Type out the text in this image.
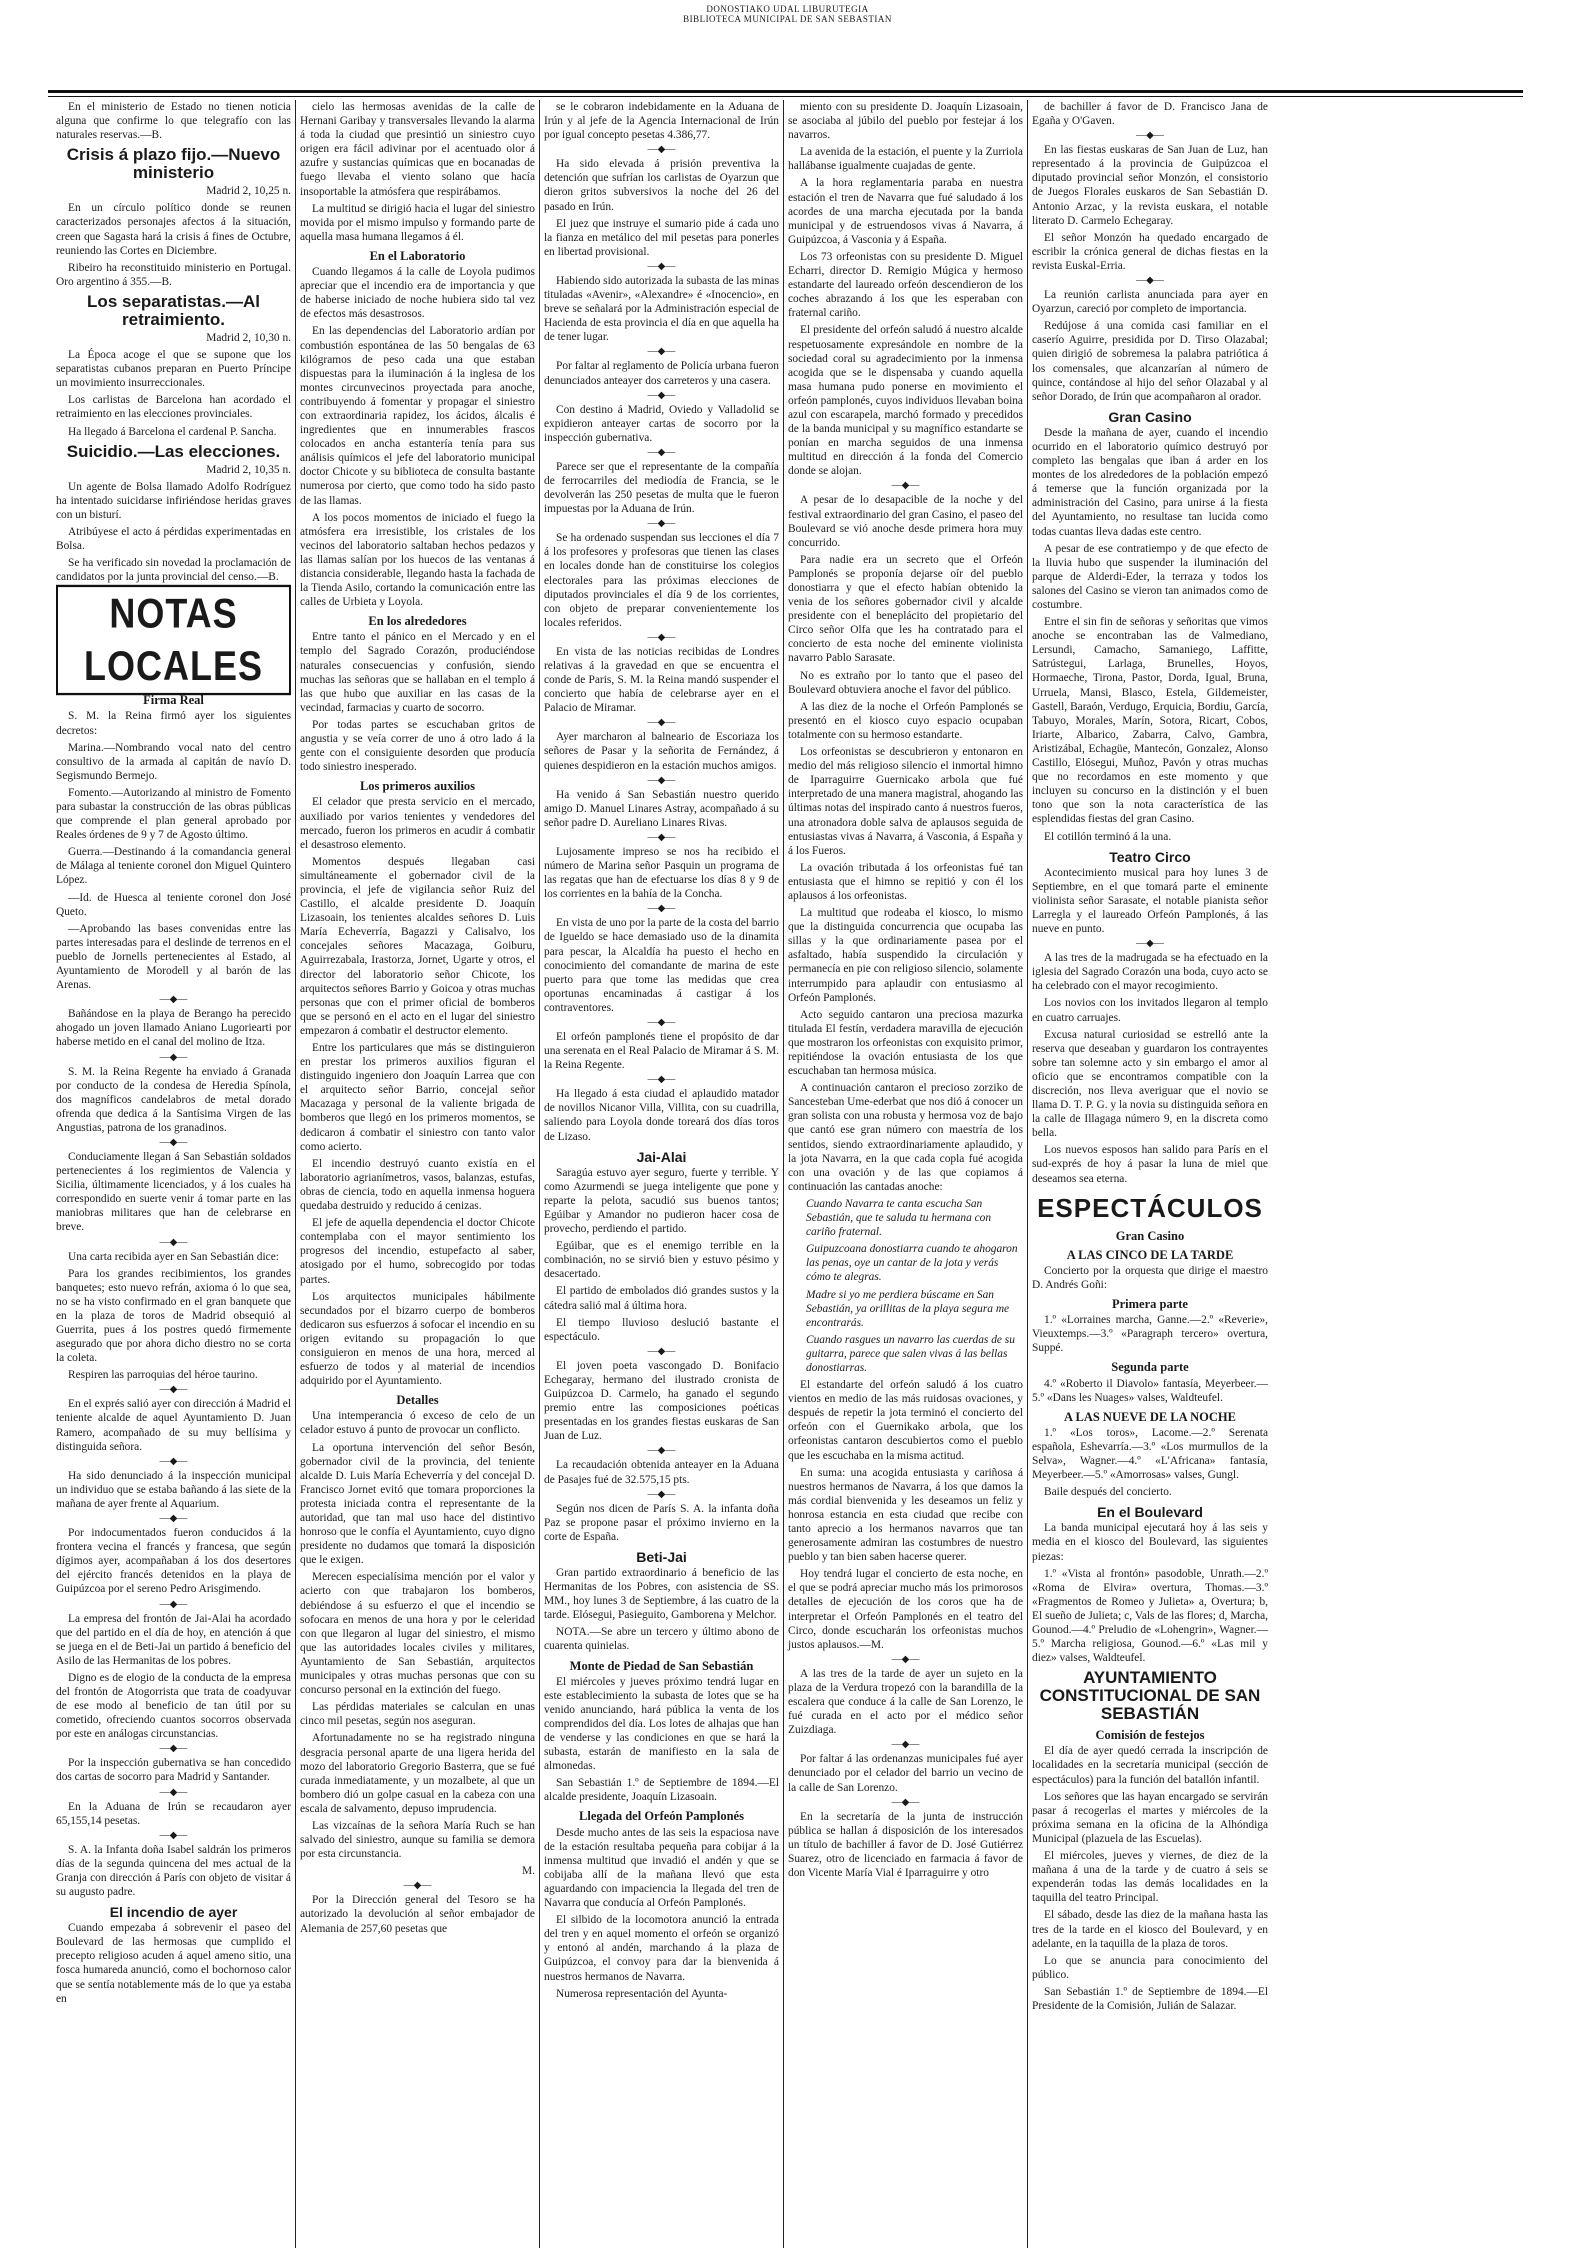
DONOSTIAKO UDAL LIBURUTEGIA
BIBLIOTECA MUNICIPAL DE SAN SEBASTIAN

En el ministerio de Estado no tienen noticia alguna que confirme lo que telegrafío con las naturales reservas.—B.

Crisis á plazo fijo.—Nuevo ministerio

Madrid 2, 10,25 n.

En un círculo político donde se reunen caracterizados personajes afectos á la situación, creen que Sagasta hará la crisis á fines de Octubre, reuniendo las Cortes en Diciembre.

Ribeiro ha reconstituido ministerio en Portugal. Oro argentino á 355.—B.

Los separatistas.—Al retraimiento.

Madrid 2, 10,30 n.

La Época acoge el que se supone que los separatistas cubanos preparan en Puerto Príncipe un movimiento insurreccionales.

Los carlistas de Barcelona han acordado el retraimiento en las elecciones provinciales.

Ha llegado á Barcelona el cardenal P. Sancha.

Suicidio.—Las elecciones.

Madrid 2, 10,35 n.

Un agente de Bolsa llamado Adolfo Rodríguez ha intentado suicidarse infiriéndose heridas graves con un bisturí.

Atribúyese el acto á pérdidas experimentadas en Bolsa.

Se ha verificado sin novedad la proclamación de candidatos por la junta provincial del censo.—B.

NOTAS LOCALES
Firma Real

S. M. la Reina firmó ayer los siguientes decretos:

Marina.—Nombrando vocal nato del centro consultivo de la armada al capitán de navío D. Segismundo Bermejo.

Fomento.—Autorizando al ministro de Fomento para subastar la construcción de las obras públicas que comprende el plan general aprobado por Reales órdenes de 9 y 7 de Agosto último.

Guerra.—Destinando á la comandancia general de Málaga al teniente coronel don Miguel Quintero López.

—Id. de Huesca al teniente coronel don José Queto.

—Aprobando las bases convenidas entre las partes interesadas para el deslinde de terrenos en el pueblo de Jornells pertenecientes al Estado, al Ayuntamiento de Morodell y al barón de las Arenas.

—◆—

Bañándose en la playa de Berango ha perecido ahogado un joven llamado Aniano Lugoriearti por haberse metido en el canal del molino de Itza.

—◆—

S. M. la Reina Regente ha enviado á Granada por conducto de la condesa de Heredia Spínola, dos magníficos candelabros de metal dorado ofrenda que dedica á la Santísima Virgen de las Angustias, patrona de los granadinos.

—◆—

Conduciamente llegan á San Sebastián soldados pertenecientes á los regimientos de Valencia y Sicilia, últimamente licenciados, y á los cuales ha correspondido en suerte venir á tomar parte en las maniobras militares que han de celebrarse en breve.

—◆—

Una carta recibida ayer en San Sebastián dice:

Para los grandes recibimientos, los grandes banquetes; esto nuevo refrán, axioma ó lo que sea, no se ha visto confirmado en el gran banquete que en la plaza de toros de Madrid obsequió al Guerrita, pues á los postres quedó firmemente asegurado que por ahora dicho diestro no se corta la coleta.

Respiren las parroquias del héroe taurino.

—◆—

En el exprés salió ayer con dirección á Madrid el teniente alcalde de aquel Ayuntamiento D. Juan Ramero, acompañado de su muy bellísima y distinguida señora.

—◆—

Ha sido denunciado á la inspección municipal un individuo que se estaba bañando á las siete de la mañana de ayer frente al Aquarium.

—◆—

Por indocumentados fueron conducidos á la frontera vecina el francés y francesa, que según dígimos ayer, acompañaban á los dos desertores del ejército francés detenidos en la playa de Guipúzcoa por el sereno Pedro Arisgimendo.

—◆—

La empresa del frontón de Jai-Alai ha acordado que del partido en el día de hoy, en atención á que se juega en el de Beti-Jai un partido á beneficio del Asilo de las Hermanitas de los pobres.

Digno es de elogio de la conducta de la empresa del frontón de Atogorrista que trata de coadyuvar de ese modo al beneficio de tan útil por su cometido, ofreciendo cuantos socorros observada por este en análogas circunstancias.

—◆—

Por la inspección gubernativa se han concedido dos cartas de socorro para Madrid y Santander.

—◆—

En la Aduana de Irún se recaudaron ayer 65,155,14 pesetas.

—◆—

S. A. la Infanta doña Isabel saldrán los primeros días de la segunda quincena del mes actual de la Granja con dirección á París con objeto de visitar á su augusto padre.

El incendio de ayer

Cuando empezaba á sobrevenir el paseo del Boulevard de las hermosas que cumplido el precepto religioso acuden á aquel ameno sitio, una fosca humareda anunció, como el bochornoso calor que se sentía notablemente más de lo que ya estaba en

cielo las hermosas avenidas de la calle de Hernani Garibay y transversales llevando la alarma á toda la ciudad que presintió un siniestro cuyo origen era fácil adivinar por el acentuado olor á azufre y sustancias químicas que en bocanadas de fuego llevaba el viento solano que hacía insoportable la atmósfera que respirábamos.

La multitud se dirigió hacia el lugar del siniestro movida por el mismo impulso y formando parte de aquella masa humana llegamos á él.

En el Laboratorio

Cuando llegamos á la calle de Loyola pudimos apreciar que el incendio era de importancia y que de haberse iniciado de noche hubiera sido tal vez de efectos más desastrosos.

En las dependencias del Laboratorio ardían por combustión espontánea de las 50 bengalas de 63 kilógramos de peso cada una que estaban dispuestas para la iluminación á la inglesa de los montes circunvecinos proyectada para anoche, contribuyendo á fomentar y propagar el siniestro con extraordinaria rapidez, los ácidos, álcalis é ingredientes que en innumerables frascos colocados en ancha estantería tenía para sus análisis químicos el jefe del laboratorio municipal doctor Chicote y su biblioteca de consulta bastante numerosa por cierto, que como todo ha sido pasto de las llamas.

A los pocos momentos de iniciado el fuego la atmósfera era irresistible, los cristales de los vecinos del laboratorio saltaban hechos pedazos y las llamas salían por los huecos de las ventanas á distancia considerable, llegando hasta la fachada de la Tienda Asilo, cortando la comunicación entre las calles de Urbieta y Loyola.

En los alrededores

Entre tanto el pánico en el Mercado y en el templo del Sagrado Corazón, produciéndose naturales consecuencias y confusión, siendo muchas las señoras que se hallaban en el templo á las que hubo que auxiliar en las casas de la vecindad, farmacias y cuarto de socorro.

Por todas partes se escuchaban gritos de angustia y se veía correr de uno á otro lado á la gente con el consiguiente desorden que producía todo siniestro inesperado.

Los primeros auxilios

El celador que presta servicio en el mercado, auxiliado por varios tenientes y vendedores del mercado, fueron los primeros en acudir á combatir el desastroso elemento.

Momentos después llegaban casi simultáneamente el gobernador civil de la provincia, el jefe de vigilancia señor Ruiz del Castillo, el alcalde presidente D. Joaquín Lizasoain, los tenientes alcaldes señores D. Luis María Echeverría, Bagazzi y Calisalvo, los concejales señores Macazaga, Goiburu, Aguirrezabala, Irastorza, Jornet, Ugarte y otros, el director del laboratorio señor Chicote, los arquitectos señores Barrio y Goicoa y otras muchas personas que con el primer oficial de bomberos que se personó en el acto en el lugar del siniestro empezaron á combatir el destructor elemento.

Entre los particulares que más se distinguieron en prestar los primeros auxilios figuran el distinguido ingeniero don Joaquín Larrea que con el arquitecto señor Barrio, concejal señor Macazaga y personal de la valiente brigada de bomberos que llegó en los primeros momentos, se dedicaron á combatir el siniestro con tanto valor como acierto.

El incendio destruyó cuanto existía en el laboratorio agrianímetros, vasos, balanzas, estufas, obras de ciencia, todo en aquella inmensa hoguera quedaba destruido y reducido á cenizas.

El jefe de aquella dependencia el doctor Chicote contemplaba con el mayor sentimiento los progresos del incendio, estupefacto al saber, atosigado por el humo, sobrecogido por todas partes.

Los arquitectos municipales hábilmente secundados por el bizarro cuerpo de bomberos dedicaron sus esfuerzos á sofocar el incendio en su origen evitando su propagación lo que consiguieron en menos de una hora, merced al esfuerzo de todos y al material de incendios adquirido por el Ayuntamiento.

Detalles

Una intemperancia ó exceso de celo de un celador estuvo á punto de provocar un conflicto.

La oportuna intervención del señor Besón, gobernador civil de la provincia, del teniente alcalde D. Luis María Echeverría y del concejal D. Francisco Jornet evitó que tomara proporciones la protesta iniciada contra el representante de la autoridad, que tan mal uso hace del distintivo honroso que le confía el Ayuntamiento, cuyo digno presidente no dudamos que tomará la disposición que le exigen.

Merecen especialísima mención por el valor y acierto con que trabajaron los bomberos, debiéndose á su esfuerzo el que el incendio se sofocara en menos de una hora y por le celeridad con que llegaron al lugar del siniestro, el mismo que las autoridades locales civiles y militares, Ayuntamiento de San Sebastián, arquitectos municipales y otras muchas personas que con su concurso personal en la extinción del fuego.

Las pérdidas materiales se calculan en unas cinco mil pesetas, según nos aseguran.

Afortunadamente no se ha registrado ninguna desgracia personal aparte de una ligera herida del mozo del laboratorio Gregorio Basterra, que se fué curada inmediatamente, y un mozalbete, al que un bombero dió un golpe casual en la cabeza con una escala de salvamento, depuso imprudencia.

Las vizcaínas de la señora María Ruch se han salvado del siniestro, aunque su familia se demora por esta circunstancia.

M.

—◆—

Por la Dirección general del Tesoro se ha autorizado la devolución al señor embajador de Alemania de 257,60 pesetas que

se le cobraron indebidamente en la Aduana de Irún y al jefe de la Agencia Internacional de Irún por igual concepto pesetas 4.386,77.

—◆—

Ha sido elevada á prisión preventiva la detención que sufrían los carlistas de Oyarzun que dieron gritos subversivos la noche del 26 del pasado en Irún.

El juez que instruye el sumario pide á cada uno la fianza en metálico del mil pesetas para ponerles en libertad provisional.

—◆—

Habiendo sido autorizada la subasta de las minas tituladas «Avenir», «Alexandre» é «Inocencio», en breve se señalará por la Administración especial de Hacienda de esta provincia el día en que aquella ha de tener lugar.

—◆—

Por faltar al reglamento de Policía urbana fueron denunciados anteayer dos carreteros y una casera.

—◆—

Con destino á Madrid, Oviedo y Valladolid se expidieron anteayer cartas de socorro por la inspección gubernativa.

—◆—

Parece ser que el representante de la compañía de ferrocarriles del mediodía de Francia, se le devolverán las 250 pesetas de multa que le fueron impuestas por la Aduana de Irún.

—◆—

Se ha ordenado suspendan sus lecciones el día 7 á los profesores y profesoras que tienen las clases en locales donde han de constituirse los colegios electorales para las próximas elecciones de diputados provinciales el día 9 de los corrientes, con objeto de preparar convenientemente los locales referidos.

—◆—

En vista de las noticias recibidas de Londres relativas á la gravedad en que se encuentra el conde de Paris, S. M. la Reina mandó suspender el concierto que había de celebrarse ayer en el Palacio de Miramar.

—◆—

Ayer marcharon al balneario de Escoriaza los señores de Pasar y la señorita de Fernández, á quienes despidieron en la estación muchos amigos.

—◆—

Ha venido á San Sebastián nuestro querido amigo D. Manuel Linares Astray, acompañado á su señor padre D. Aureliano Linares Rivas.

—◆—

Lujosamente impreso se nos ha recibido el número de Marina señor Pasquin un programa de las regatas que han de efectuarse los días 8 y 9 de los corrientes en la bahía de la Concha.

—◆—

En vista de uno por la parte de la costa del barrio de Igueldo se hace demasiado uso de la dinamita para pescar, la Alcaldía ha puesto el hecho en conocimiento del comandante de marina de este puerto para que tome las medidas que crea oportunas encaminadas á castigar á los contraventores.

—◆—

El orfeón pamplonés tiene el propósito de dar una serenata en el Real Palacio de Miramar á S. M. la Reina Regente.

—◆—

Ha llegado á esta ciudad el aplaudido matador de novillos Nicanor Villa, Villita, con su cuadrilla, saliendo para Loyola donde toreará dos días toros de Lizaso.

Jai-Alai

Saragúa estuvo ayer seguro, fuerte y terrible. Y como Azurmendi se juega inteligente que pone y reparte la pelota, sacudió sus buenos tantos; Egúibar y Amandor no pudieron hacer cosa de provecho, perdiendo el partido.

Egúibar, que es el enemigo terrible en la combinación, no se sirvió bien y estuvo pésimo y desacertado.

El partido de embolados dió grandes sustos y la cátedra salió mal á última hora.

El tiempo lluvioso deslució bastante el espectáculo.

—◆—

El joven poeta vascongado D. Bonifacio Echegaray, hermano del ilustrado cronista de Guipúzcoa D. Carmelo, ha ganado el segundo premio entre las composiciones poéticas presentadas en los grandes fiestas euskaras de San Juan de Luz.

—◆—

La recaudación obtenida anteayer en la Aduana de Pasajes fué de 32.575,15 pts.

—◆—

Según nos dicen de París S. A. la infanta doña Paz se propone pasar el próximo invierno en la corte de España.

Beti-Jai

Gran partido extraordinario á beneficio de las Hermanitas de los Pobres, con asistencia de SS. MM., hoy lunes 3 de Septiembre, á las cuatro de la tarde. Elósegui, Pasieguito, Gamborena y Melchor.

NOTA.—Se abre un tercero y último abono de cuarenta quinielas.

Monte de Piedad de San Sebastián

El miércoles y jueves próximo tendrá lugar en este establecimiento la subasta de lotes que se ha venido anunciando, hará pública la venta de los comprendidos del día. Los lotes de alhajas que han de venderse y las condiciones en que se hará la subasta, estarán de manifiesto en la sala de almonedas.

San Sebastián 1.º de Septiembre de 1894.—El alcalde presidente, Joaquín Lizasoain.

Llegada del Orfeón Pamplonés

Desde mucho antes de las seis la espaciosa nave de la estación resultaba pequeña para cobijar á la inmensa multitud que invadió el andén y que se cobijaba allí de la mañana llevó que esta aguardando con impaciencia la llegada del tren de Navarra que conducía al Orfeón Pamplonés.

El silbido de la locomotora anunció la entrada del tren y en aquel momento el orfeón se organizó y entonó al andén, marchando á la plaza de Guipúzcoa, el convoy para dar la bienvenida á nuestros hermanos de Navarra.

Numerosa representación del Ayunta-

miento con su presidente D. Joaquín Lizasoain, se asociaba al júbilo del pueblo por festejar á los navarros.

La avenida de la estación, el puente y la Zurriola hallábanse igualmente cuajadas de gente.

A la hora reglamentaria paraba en nuestra estación el tren de Navarra que fué saludado á los acordes de una marcha ejecutada por la banda municipal y de estruendosos vivas á Navarra, á Guipúzcoa, á Vasconia y á España.

Los 73 orfeonistas con su presidente D. Miguel Echarri, director D. Remigio Múgica y hermoso estandarte del laureado orfeón descendieron de los coches abrazando á los que les esperaban con fraternal cariño.

El presidente del orfeón saludó á nuestro alcalde respetuosamente expresándole en nombre de la sociedad coral su agradecimiento por la inmensa acogida que se le dispensaba y cuando aquella masa humana pudo ponerse en movimiento el orfeón pamplonés, cuyos individuos llevaban boina azul con escarapela, marchó formado y precedidos de la banda municipal y su magnífico estandarte se ponían en marcha seguidos de una inmensa multitud en dirección á la fonda del Comercio donde se alojan.

—◆—

A pesar de lo desapacible de la noche y del festival extraordinario del gran Casino, el paseo del Boulevard se vió anoche desde primera hora muy concurrido.

Para nadie era un secreto que el Orfeón Pamplonés se proponía dejarse oír del pueblo donostiarra y que el efecto habían obtenido la venia de los señores gobernador civil y alcalde presidente con el beneplácito del propietario del Circo señor Olfa que les ha contratado para el concierto de esta noche del eminente violinista navarro Pablo Sarasate.

No es extraño por lo tanto que el paseo del Boulevard obtuviera anoche el favor del público.

A las diez de la noche el Orfeón Pamplonés se presentó en el kiosco cuyo espacio ocupaban totalmente con su hermoso estandarte.

Los orfeonistas se descubrieron y entonaron en medio del más religioso silencio el inmortal himno de Iparraguirre Guernicako arbola que fué interpretado de una manera magistral, ahogando las últimas notas del inspirado canto á nuestros fueros, una atronadora doble salva de aplausos seguida de entusiastas vivas á Navarra, á Vasconia, á España y á los Fueros.

La ovación tributada á los orfeonistas fué tan entusiasta que el himno se repitió y con él los aplausos á los orfeonistas.

La multitud que rodeaba el kiosco, lo mismo que la distinguida concurrencia que ocupaba las sillas y la que ordinariamente pasea por el asfaltado, había suspendido la circulación y permanecía en pie con religioso silencio, solamente interrumpido para aplaudir con entusiasmo al Orfeón Pamplonés.

Acto seguido cantaron una preciosa mazurka titulada El festín, verdadera maravilla de ejecución que mostraron los orfeonistas con exquisito primor, repitiéndose la ovación entusiasta de los que escuchaban tan hermosa música.

A continuación cantaron el precioso zorziko de Sancesteban Ume-ederbat que nos dió á conocer un gran solista con una robusta y hermosa voz de bajo que cantó ese gran número con maestría de los sentidos, siendo extraordinariamente aplaudido, y la jota Navarra, en la que cada copla fué acogida con una ovación y de las que copiamos á continuación las cantadas anoche:

Cuando Navarra te canta escucha San Sebastián, que te saluda tu hermana con cariño fraternal.

Guipuzcoana donostiarra cuando te ahogaron las penas, oye un cantar de la jota y verás cómo te alegras.

Madre si yo me perdiera búscame en San Sebastián, ya orillitas de la playa segura me encontrarás.

Cuando rasgues un navarro las cuerdas de su guitarra, parece que salen vivas á las bellas donostiarras.

El estandarte del orfeón saludó á los cuatro vientos en medio de las más ruidosas ovaciones, y después de repetir la jota terminó el concierto del orfeón con el Guernikako arbola, que los orfeonistas cantaron descubiertos como el pueblo que les escuchaba en la misma actitud.

En suma: una acogida entusiasta y cariñosa á nuestros hermanos de Navarra, á los que damos la más cordial bienvenida y les deseamos un feliz y honrosa estancia en esta ciudad que recibe con tanto aprecio a los hermanos navarros que tan generosamente admiran las costumbres de nuestro pueblo y tan bien saben hacerse querer.

Hoy tendrá lugar el concierto de esta noche, en el que se podrá apreciar mucho más los primorosos detalles de ejecución de los coros que ha de interpretar el Orfeón Pamplonés en el teatro del Circo, donde escucharán los orfeonistas muchos justos aplausos.—M.

—◆—

A las tres de la tarde de ayer un sujeto en la plaza de la Verdura tropezó con la barandilla de la escalera que conduce á la calle de San Lorenzo, le fué curada en el acto por el médico señor Zuizdiaga.

—◆—

Por faltar á las ordenanzas municipales fué ayer denunciado por el celador del barrio un vecino de la calle de San Lorenzo.

—◆—

En la secretaría de la junta de instrucción pública se hallan á disposición de los interesados un título de bachiller á favor de D. José Gutiérrez Suarez, otro de licenciado en farmacia á favor de don Vicente María Vial é Iparraguirre y otro

de bachiller á favor de D. Francisco Jana de Egaña y O'Gaven.

—◆—

En las fiestas euskaras de San Juan de Luz, han representado á la provincia de Guipúzcoa el diputado provincial señor Monzón, el consistorio de Juegos Florales euskaros de San Sebastián D. Antonio Arzac, y la revista euskara, el notable literato D. Carmelo Echegaray.

El señor Monzón ha quedado encargado de escribir la crónica general de dichas fiestas en la revista Euskal-Erria.

—◆—

La reunión carlista anunciada para ayer en Oyarzun, careció por completo de importancia.

Redújose á una comida casi familiar en el caserío Aguirre, presidida por D. Tirso Olazabal; quien dirigió de sobremesa la palabra patriótica á los comensales, que alcanzarían al número de quince, contándose al hijo del señor Olazabal y al señor Dorado, de Irún que acompañaron al orador.

Gran Casino

Desde la mañana de ayer, cuando el incendio ocurrido en el laboratorio químico destruyó por completo las bengalas que iban á arder en los montes de los alrededores de la población empezó á temerse que la función organizada por la administración del Casino, para unirse á la fiesta del Ayuntamiento, no resultase tan lucida como todas cuantas lleva dadas este centro.

A pesar de ese contratiempo y de que efecto de la lluvia hubo que suspender la iluminación del parque de Alderdi-Eder, la terraza y todos los salones del Casino se vieron tan animados como de costumbre.

Entre el sin fin de señoras y señoritas que vimos anoche se encontraban las de Valmediano, Lersundi, Camacho, Samaniego, Laffitte, Satrústegui, Larlaga, Brunelles, Hoyos, Hormaeche, Tirona, Pastor, Dorda, Igual, Bruna, Urruela, Mansi, Blasco, Estela, Gildemeister, Gastell, Baraón, Verdugo, Erquicia, Bordiu, García, Tabuyo, Morales, Marín, Sotora, Ricart, Cobos, Iriarte, Albarico, Zabarra, Calvo, Gambra, Aristizábal, Echagüe, Mantecón, Gonzalez, Alonso Castillo, Elósegui, Muñoz, Pavón y otras muchas que no recordamos en este momento y que incluyen su concurso en la distinción y el buen tono que son la nota característica de las esplendidas fiestas del gran Casino.

El cotillón terminó á la una.

Teatro Circo

Acontecimiento musical para hoy lunes 3 de Septiembre, en el que tomará parte el eminente violinista señor Sarasate, el notable pianista señor Larregla y el laureado Orfeón Pamplonés, á las nueve en punto.

—◆—

A las tres de la madrugada se ha efectuado en la iglesia del Sagrado Corazón una boda, cuyo acto se ha celebrado con el mayor recogimiento.

Los novios con los invitados llegaron al templo en cuatro carruajes.

Excusa natural curiosidad se estrelló ante la reserva que deseaban y guardaron los contrayentes sobre tan solemne acto y sin embargo el amor al oficio que se encontramos compatible con la discreción, nos lleva averiguar que el novio se llama D. T. P. G. y la novia su distinguida señora en la calle de Illagaga número 9, en la discreta como bella.

Los nuevos esposos han salido para París en el sud-exprés de hoy á pasar la luna de miel que deseamos sea eterna.

ESPECTÁCULOS
Gran Casino
A LAS CINCO DE LA TARDE

Concierto por la orquesta que dirige el maestro D. Andrés Goñi:

Primera parte

1.º «Lorraines marcha, Ganne.—2.º «Reverie», Vieuxtemps.—3.º «Paragraph tercero» overtura, Suppé.

Segunda parte

4.º «Roberto il Diavolo» fantasía, Meyerbeer.—5.º «Dans les Nuages» valses, Waldteufel.

A LAS NUEVE DE LA NOCHE

1.º «Los toros», Lacome.—2.º Serenata española, Eshevarría.—3.º «Los murmullos de la Selva», Wagner.—4.º «L'Africana» fantasía, Meyerbeer.—5.º «Amorrosas» valses, Gungl.

Baile después del concierto.

En el Boulevard

La banda municipal ejecutará hoy á las seis y media en el kiosco del Boulevard, las siguientes piezas:

1.º «Vista al frontón» pasodoble, Unrath.—2.º «Roma de Elvira» overtura, Thomas.—3.º «Fragmentos de Romeo y Julieta» a, Overtura; b, El sueño de Julieta; c, Vals de las flores; d, Marcha, Gounod.—4.º Preludio de «Lohengrin», Wagner.—5.º Marcha religiosa, Gounod.—6.º «Las mil y diez» valses, Waldteufel.

AYUNTAMIENTO CONSTITUCIONAL DE SAN SEBASTIÁN
Comisión de festejos

El día de ayer quedó cerrada la inscripción de localidades en la secretaría municipal (sección de espectáculos) para la función del batallón infantil.

Los señores que las hayan encargado se servirán pasar á recogerlas el martes y miércoles de la próxima semana en la oficina de la Alhóndiga Municipal (plazuela de las Escuelas).

El miércoles, jueves y viernes, de diez de la mañana á una de la tarde y de cuatro á seis se expenderán todas las demás localidades en la taquilla del teatro Principal.

El sábado, desde las diez de la mañana hasta las tres de la tarde en el kiosco del Boulevard, y en adelante, en la taquilla de la plaza de toros.

Lo que se anuncia para conocimiento del público.

San Sebastián 1.º de Septiembre de 1894.—El Presidente de la Comisión, Julián de Salazar.
